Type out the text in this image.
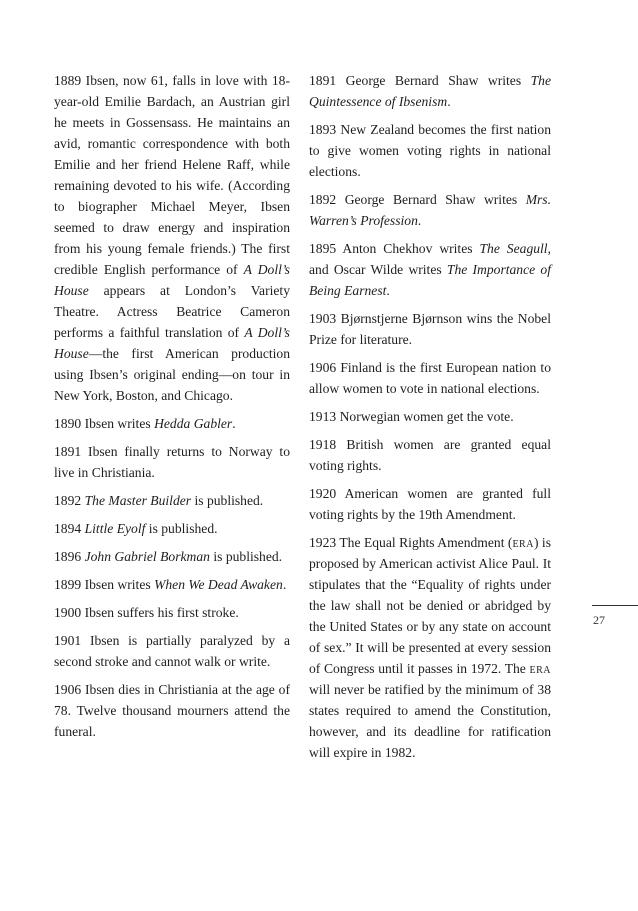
1889 Ibsen, now 61, falls in love with 18-year-old Emilie Bardach, an Austrian girl he meets in Gossensass. He maintains an avid, romantic correspondence with both Emilie and her friend Helene Raff, while remaining devoted to his wife. (According to biographer Michael Meyer, Ibsen seemed to draw energy and inspiration from his young female friends.) The first credible English performance of A Doll’s House appears at London’s Variety Theatre. Actress Beatrice Cameron performs a faithful translation of A Doll’s House—the first American production using Ibsen’s original ending—on tour in New York, Boston, and Chicago.

1890 Ibsen writes Hedda Gabler.

1891 Ibsen finally returns to Norway to live in Christiania.

1892 The Master Builder is published.

1894 Little Eyolf is published.

1896 John Gabriel Borkman is published.

1899 Ibsen writes When We Dead Awaken.

1900 Ibsen suffers his first stroke.

1901 Ibsen is partially paralyzed by a second stroke and cannot walk or write.

1906 Ibsen dies in Christiania at the age of 78. Twelve thousand mourners attend the funeral.

1891 George Bernard Shaw writes The Quintessence of Ibsenism.

1893 New Zealand becomes the first nation to give women voting rights in national elections.

1892 George Bernard Shaw writes Mrs. Warren’s Profession.

1895 Anton Chekhov writes The Seagull, and Oscar Wilde writes The Importance of Being Earnest.

1903 Bjørnstjerne Bjørnson wins the Nobel Prize for literature.

1906 Finland is the first European nation to allow women to vote in national elections.

1913 Norwegian women get the vote.

1918 British women are granted equal voting rights.

1920 American women are granted full voting rights by the 19th Amendment.

1923 The Equal Rights Amendment (era) is proposed by American activist Alice Paul. It stipulates that the “Equality of rights under the law shall not be denied or abridged by the United States or by any state on account of sex.” It will be presented at every session of Congress until it passes in 1972. The era will never be ratified by the minimum of 38 states required to amend the Constitution, however, and its deadline for ratification will expire in 1982.

27
